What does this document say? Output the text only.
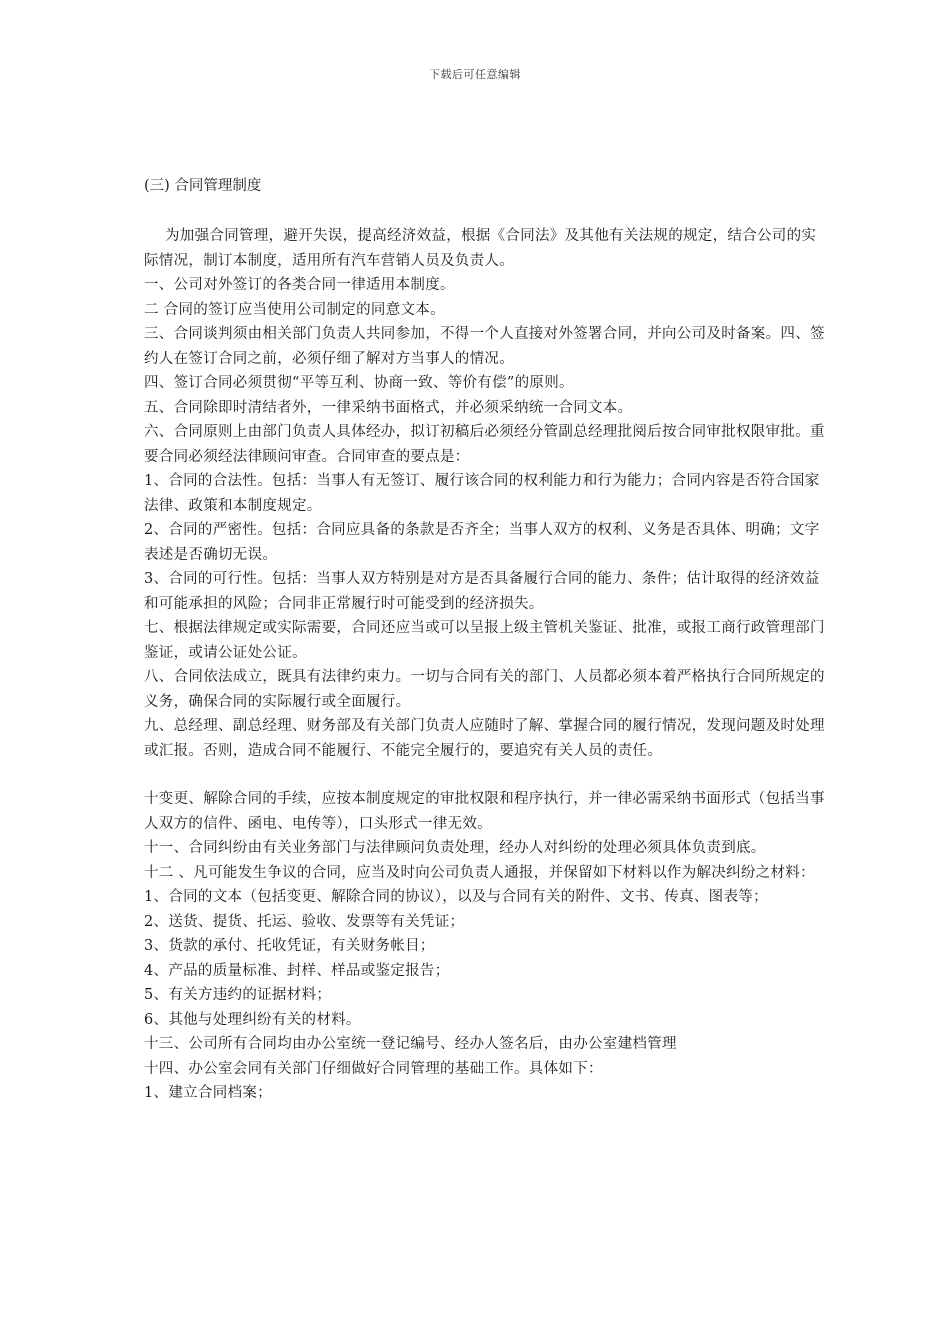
下载后可任意编辑
(三) 合同管理制度

为加强合同管理，避开失误，提高经济效益，根据《合同法》及其他有关法规的规定，结合公司的实际情况，制订本制度，适用所有汽车营销人员及负责人。

一、公司对外签订的各类合同一律适用本制度。

二 合同的签订应当使用公司制定的同意文本。

三、合同谈判须由相关部门负责人共同参加，不得一个人直接对外签署合同，并向公司及时备案。四、签约人在签订合同之前，必须仔细了解对方当事人的情况。

四、签订合同必须贯彻“平等互利、协商一致、等价有偿”的原则。

五、合同除即时清结者外，一律采纳书面格式，并必须采纳统一合同文本。

六、合同原则上由部门负责人具体经办，拟订初稿后必须经分管副总经理批阅后按合同审批权限审批。重要合同必须经法律顾问审查。合同审查的要点是：

1、合同的合法性。包括：当事人有无签订、履行该合同的权利能力和行为能力；合同内容是否符合国家法律、政策和本制度规定。

2、合同的严密性。包括：合同应具备的条款是否齐全；当事人双方的权利、义务是否具体、明确；文字表述是否确切无误。

3、合同的可行性。包括：当事人双方特别是对方是否具备履行合同的能力、条件；估计取得的经济效益和可能承担的风险；合同非正常履行时可能受到的经济损失。

七、根据法律规定或实际需要，合同还应当或可以呈报上级主管机关鉴证、批准，或报工商行政管理部门鉴证，或请公证处公证。

八、合同依法成立，既具有法律约束力。一切与合同有关的部门、人员都必须本着严格执行合同所规定的义务，确保合同的实际履行或全面履行。

九、总经理、副总经理、财务部及有关部门负责人应随时了解、掌握合同的履行情况，发现问题及时处理或汇报。否则，造成合同不能履行、不能完全履行的，要追究有关人员的责任。

十变更、解除合同的手续，应按本制度规定的审批权限和程序执行，并一律必需采纳书面形式（包括当事人双方的信件、函电、电传等），口头形式一律无效。

十一、合同纠纷由有关业务部门与法律顾问负责处理，经办人对纠纷的处理必须具体负责到底。

十二 、凡可能发生争议的合同，应当及时向公司负责人通报，并保留如下材料以作为解决纠纷之材料：

1、合同的文本（包括变更、解除合同的协议），以及与合同有关的附件、文书、传真、图表等；

2、送货、提货、托运、验收、发票等有关凭证；

3、货款的承付、托收凭证，有关财务帐目；

4、产品的质量标准、封样、样品或鉴定报告；

5、有关方违约的证据材料；

6、其他与处理纠纷有关的材料。

十三、公司所有合同均由办公室统一登记编号、经办人签名后，由办公室建档管理

十四、办公室会同有关部门仔细做好合同管理的基础工作。具体如下：

1、建立合同档案；
